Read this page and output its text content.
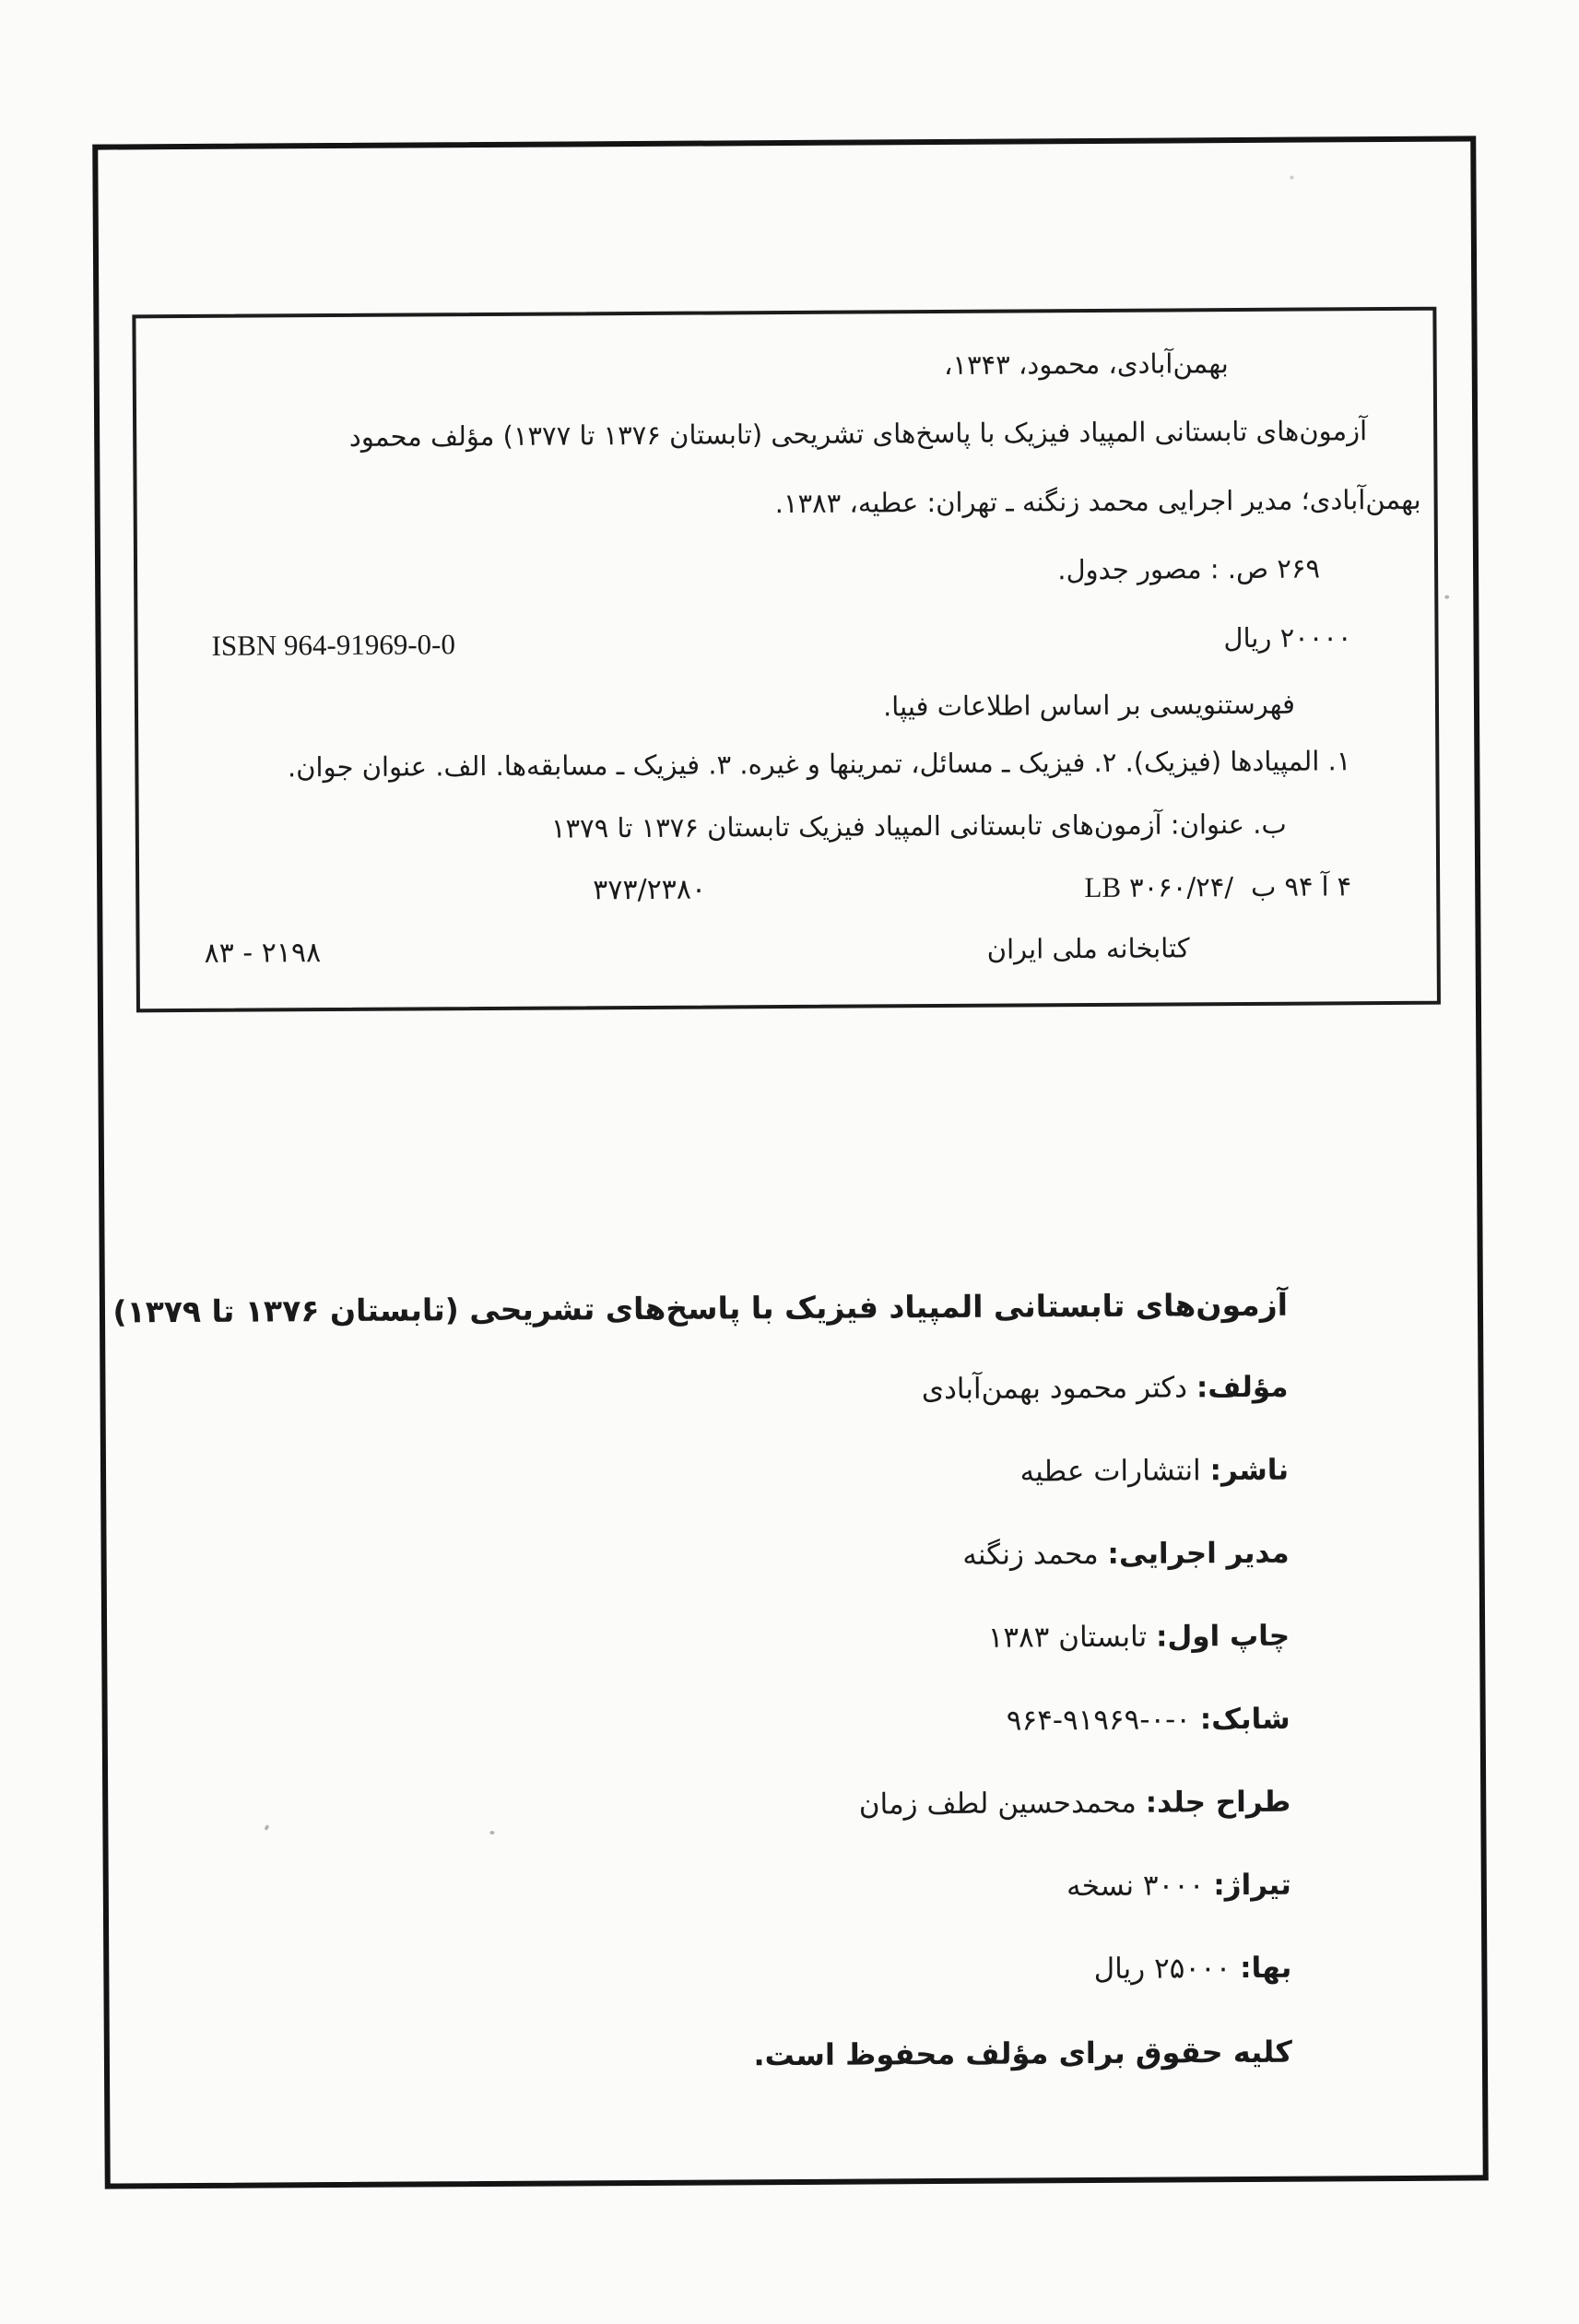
بهمن‌آبادی، محمود، ۱۳۴۳،
آزمون‌های تابستانی المپیاد فیزیک با پاسخ‌های تشریحی (تابستان ۱۳۷۶ تا ۱۳۷۷) مؤلف محمود
بهمن‌آبادی؛ مدیر اجرایی محمد زنگنه ـ تهران: عطیه، ۱۳۸۳.
۲۶۹ ص. : مصور جدول.
۲۰۰۰۰ ریال
ISBN 964-91969-0-0
فهرستنویسی بر اساس اطلاعات فیپا.
۱. المپیادها (فیزیک). ۲. فیزیک ـ مسائل، تمرینها و غیره. ۳. فیزیک ـ مسابقه‌ها. الف. عنوان جوان.
ب. عنوان: آزمون‌های تابستانی المپیاد فیزیک تابستان ۱۳۷۶ تا ۱۳۷۹
LB ۳۰۶۰/۲۴/ ب ۹۴ آ ۴
۳۷۳/۲۳۸۰
کتابخانه ملی ایران
۸۳ - ۲۱۹۸
آزمون‌های تابستانی المپیاد فیزیک با پاسخ‌های تشریحی (تابستان ۱۳۷۶ تا ۱۳۷۹)
مؤلف: دکتر محمود بهمن‌آبادی
ناشر: انتشارات عطیه
مدیر اجرایی: محمد زنگنه
چاپ اول: تابستان ۱۳۸۳
شابک: ۹۶۴-۹۱۹۶۹-۰-۰
طراح جلد: محمدحسین لطف زمان
تیراژ: ۳۰۰۰ نسخه
بها: ۲۵۰۰۰ ریال
کلیه حقوق برای مؤلف محفوظ است.
